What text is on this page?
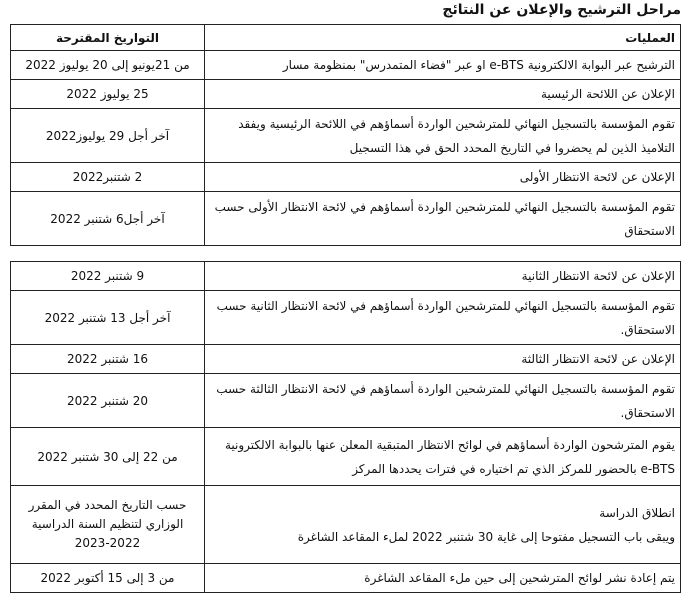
مراحل الترشيح والإعلان عن النتائج
العمليات	التواريخ المقترحة
الترشيح عبر البوابة الالكترونية e-BTS او عبر "فضاء المتمدرس" بمنظومة مسار	من 21يونيو إلى 20 يوليوز 2022
الإعلان عن اللائحة الرئيسية	25 يوليوز 2022
تقوم المؤسسة بالتسجيل النهائي للمترشحين الواردة أسماؤهم في اللائحة الرئيسية ويفقد التلاميذ الذين لم يحضروا في التاريخ المحدد الحق في هذا التسجيل	آخر أجل 29 يوليوز2022
الإعلان عن لائحة الانتظار الأولى	2 شتنبر2022
تقوم المؤسسة بالتسجيل النهائي للمترشحين الواردة أسماؤهم في لائحة الانتظار الأولى حسب الاستحقاق	آخر أجل6 شتنبر 2022
الإعلان عن لائحة الانتظار الثانية	9 شتنبر 2022
تقوم المؤسسة بالتسجيل النهائي للمترشحين الواردة أسماؤهم في لائحة الانتظار الثانية حسب الاستحقاق.	آخر أجل 13 شتنبر 2022
الإعلان عن لائحة الانتظار الثالثة	16 شتنبر 2022
تقوم المؤسسة بالتسجيل النهائي للمترشحين الواردة أسماؤهم في لائحة الانتظار الثالثة حسب الاستحقاق.	20 شتنبر 2022
يقوم المترشحون الواردة أسماؤهم في لوائح الانتظار المتبقية المعلن عنها بالبوابة الالكترونية e-BTS بالحضور للمركز الذي تم اختياره في فترات يحددها المركز	من 22 إلى 30 شتنبر 2022

انطلاق الدراسة
ويبقى باب التسجيل مفتوحا إلى غاية 30 شتنبر 2022 لملء المقاعد الشاغرة	حسب التاريخ المحدد في المقرر الوزاري لتنظيم السنة الدراسية 2022-2023
يتم إعادة نشر لوائح المترشحين إلى حين ملء المقاعد الشاغرة	من 3 إلى 15 أكتوبر 2022
